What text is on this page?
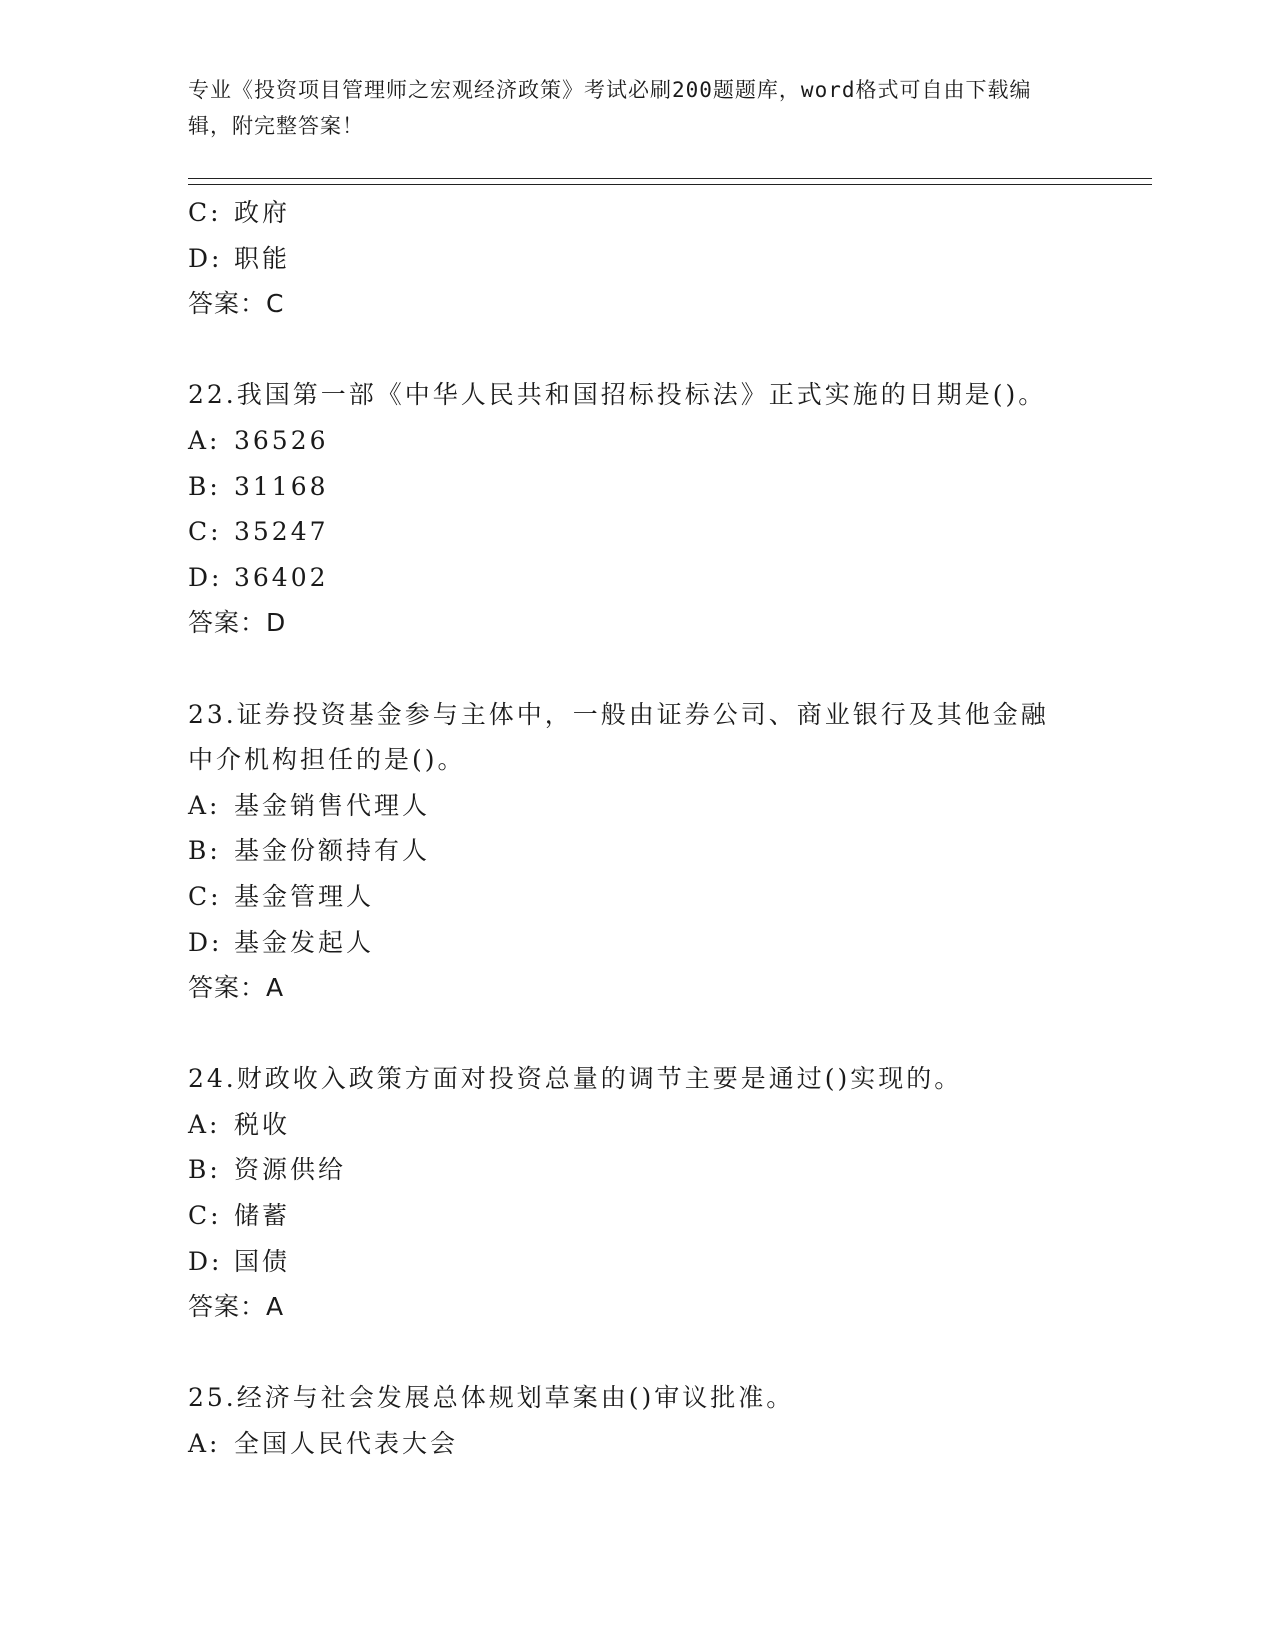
专业《投资项目管理师之宏观经济政策》考试必刷200题题库，word格式可自由下载编辑，附完整答案！
C: 政府
D: 职能
答案：C
22.我国第一部《中华人民共和国招标投标法》正式实施的日期是()。
A: 36526
B: 31168
C: 35247
D: 36402
答案：D
23.证券投资基金参与主体中，一般由证券公司、商业银行及其他金融
中介机构担任的是()。
A: 基金销售代理人
B: 基金份额持有人
C: 基金管理人
D: 基金发起人
答案：A
24.财政收入政策方面对投资总量的调节主要是通过()实现的。
A: 税收
B: 资源供给
C: 储蓄
D: 国债
答案：A
25.经济与社会发展总体规划草案由()审议批准。
A: 全国人民代表大会
